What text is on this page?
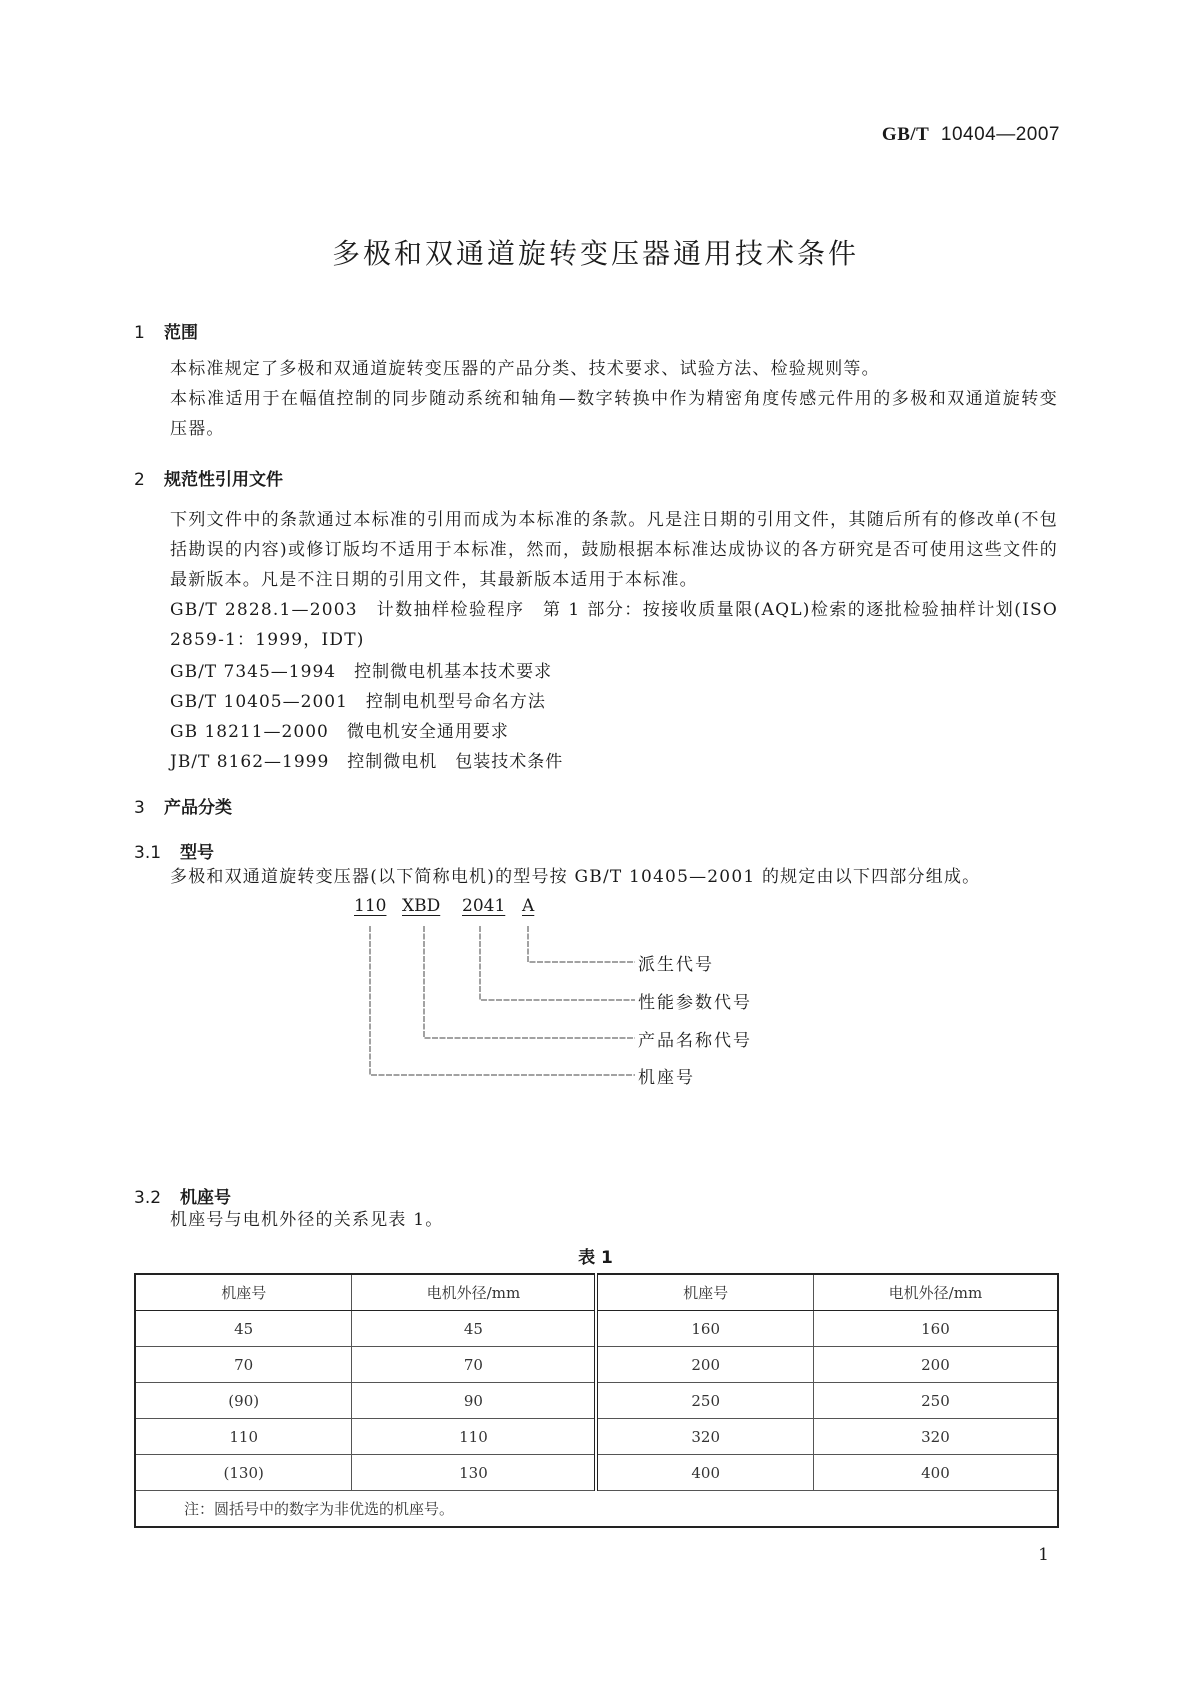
GB/T 10404—2007
多极和双通道旋转变压器通用技术条件
1 范围
本标准规定了多极和双通道旋转变压器的产品分类、技术要求、试验方法、检验规则等。
本标准适用于在幅值控制的同步随动系统和轴角—数字转换中作为精密角度传感元件用的多极和双通道旋转变压器。
2 规范性引用文件
下列文件中的条款通过本标准的引用而成为本标准的条款。凡是注日期的引用文件，其随后所有的修改单(不包括勘误的内容)或修订版均不适用于本标准，然而，鼓励根据本标准达成协议的各方研究是否可使用这些文件的最新版本。凡是不注日期的引用文件，其最新版本适用于本标准。
GB/T 2828.1—2003　计数抽样检验程序　第 1 部分：按接收质量限(AQL)检索的逐批检验抽样计划(ISO 2859-1：1999，IDT)
GB/T 7345—1994　控制微电机基本技术要求
GB/T 10405—2001　控制电机型号命名方法
GB 18211—2000　微电机安全通用要求
JB/T 8162—1999　控制微电机　包装技术条件
3 产品分类
3.1 型号
多极和双通道旋转变压器(以下简称电机)的型号按 GB/T 10405—2001 的规定由以下四部分组成。
110 XBD 2041 A
派生代号
性能参数代号
产品名称代号
机座号
3.2 机座号
机座号与电机外径的关系见表 1。
表 1
机座号	电机外径/mm	机座号	电机外径/mm
45	45	160	160
70	70	200	200
(90)	90	250	250
110	110	320	320
(130)	130	400	400
注：圆括号中的数字为非优选的机座号。			
1
